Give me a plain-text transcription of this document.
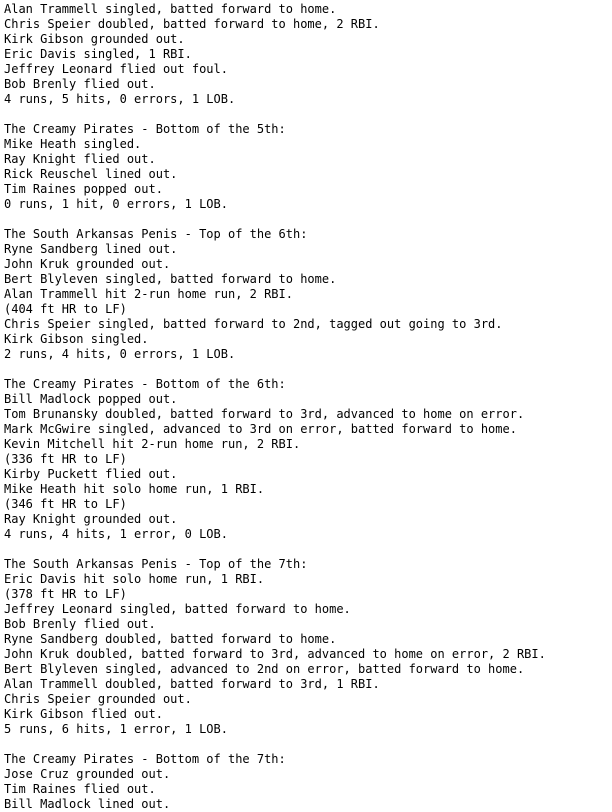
Alan Trammell singled, batted forward to home.
Chris Speier doubled, batted forward to home, 2 RBI.
Kirk Gibson grounded out.
Eric Davis singled, 1 RBI.
Jeffrey Leonard flied out foul.
Bob Brenly flied out.
4 runs, 5 hits, 0 errors, 1 LOB.
The Creamy Pirates - Bottom of the 5th:
Mike Heath singled.
Ray Knight flied out.
Rick Reuschel lined out.
Tim Raines popped out.
0 runs, 1 hit, 0 errors, 1 LOB.
The South Arkansas Penis - Top of the 6th:
Ryne Sandberg lined out.
John Kruk grounded out.
Bert Blyleven singled, batted forward to home.
Alan Trammell hit 2-run home run, 2 RBI.
(404 ft HR to LF)
Chris Speier singled, batted forward to 2nd, tagged out going to 3rd.
Kirk Gibson singled.
2 runs, 4 hits, 0 errors, 1 LOB.
The Creamy Pirates - Bottom of the 6th:
Bill Madlock popped out.
Tom Brunansky doubled, batted forward to 3rd, advanced to home on error.
Mark McGwire singled, advanced to 3rd on error, batted forward to home.
Kevin Mitchell hit 2-run home run, 2 RBI.
(336 ft HR to LF)
Kirby Puckett flied out.
Mike Heath hit solo home run, 1 RBI.
(346 ft HR to LF)
Ray Knight grounded out.
4 runs, 4 hits, 1 error, 0 LOB.
The South Arkansas Penis - Top of the 7th:
Eric Davis hit solo home run, 1 RBI.
(378 ft HR to LF)
Jeffrey Leonard singled, batted forward to home.
Bob Brenly flied out.
Ryne Sandberg doubled, batted forward to home.
John Kruk doubled, batted forward to 3rd, advanced to home on error, 2 RBI.
Bert Blyleven singled, advanced to 2nd on error, batted forward to home.
Alan Trammell doubled, batted forward to 3rd, 1 RBI.
Chris Speier grounded out.
Kirk Gibson flied out.
5 runs, 6 hits, 1 error, 1 LOB.
The Creamy Pirates - Bottom of the 7th:
Jose Cruz grounded out.
Tim Raines flied out.
Bill Madlock lined out.
